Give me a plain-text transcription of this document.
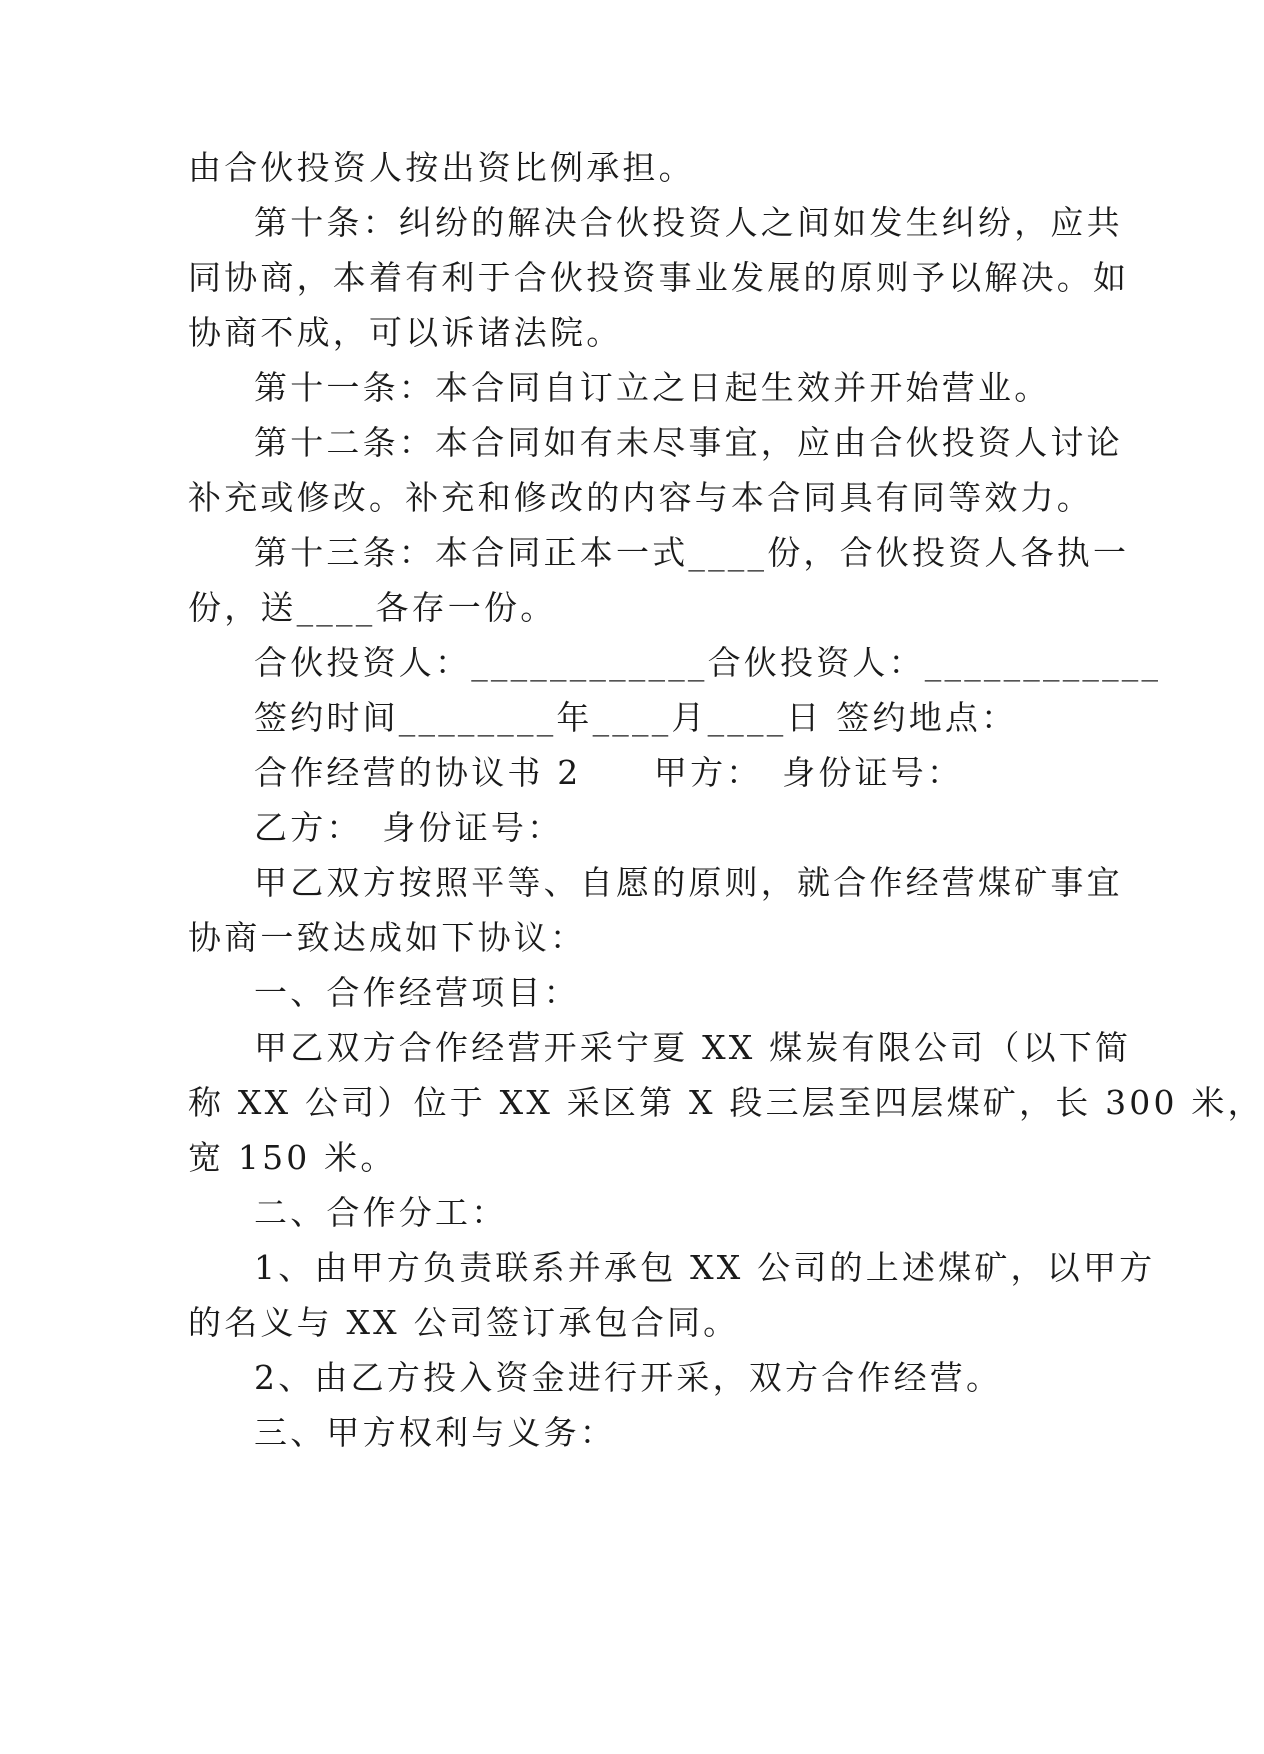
由合伙投资人按出资比例承担。
第十条：纠纷的解决合伙投资人之间如发生纠纷，应共
同协商，本着有利于合伙投资事业发展的原则予以解决。如
协商不成，可以诉诸法院。
第十一条：本合同自订立之日起生效并开始营业。
第十二条：本合同如有未尽事宜，应由合伙投资人讨论
补充或修改。补充和修改的内容与本合同具有同等效力。
第十三条：本合同正本一式____份，合伙投资人各执一
份，送____各存一份。
合伙投资人：____________合伙投资人：____________
签约时间________年____月____日 签约地点：
合作经营的协议书 2　　甲方：　身份证号：
乙方：　身份证号：
甲乙双方按照平等、自愿的原则，就合作经营煤矿事宜
协商一致达成如下协议：
一、合作经营项目：
甲乙双方合作经营开采宁夏 XX 煤炭有限公司（以下简
称 XX 公司）位于 XX 采区第 X 段三层至四层煤矿，长 300 米，
宽 150 米。
二、合作分工：
1、由甲方负责联系并承包 XX 公司的上述煤矿，以甲方
的名义与 XX 公司签订承包合同。
2、由乙方投入资金进行开采，双方合作经营。
三、甲方权利与义务：
